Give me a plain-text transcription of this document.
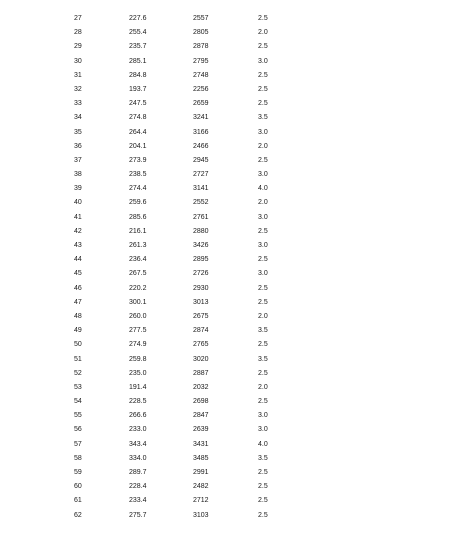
27	227.6	2557	2.5
28	255.4	2805	2.0
29	235.7	2878	2.5
30	285.1	2795	3.0
31	284.8	2748	2.5
32	193.7	2256	2.5
33	247.5	2659	2.5
34	274.8	3241	3.5
35	264.4	3166	3.0
36	204.1	2466	2.0
37	273.9	2945	2.5
38	238.5	2727	3.0
39	274.4	3141	4.0
40	259.6	2552	2.0
41	285.6	2761	3.0
42	216.1	2880	2.5
43	261.3	3426	3.0
44	236.4	2895	2.5
45	267.5	2726	3.0
46	220.2	2930	2.5
47	300.1	3013	2.5
48	260.0	2675	2.0
49	277.5	2874	3.5
50	274.9	2765	2.5
51	259.8	3020	3.5
52	235.0	2887	2.5
53	191.4	2032	2.0
54	228.5	2698	2.5
55	266.6	2847	3.0
56	233.0	2639	3.0
57	343.4	3431	4.0
58	334.0	3485	3.5
59	289.7	2991	2.5
60	228.4	2482	2.5
61	233.4	2712	2.5
62	275.7	3103	2.5
